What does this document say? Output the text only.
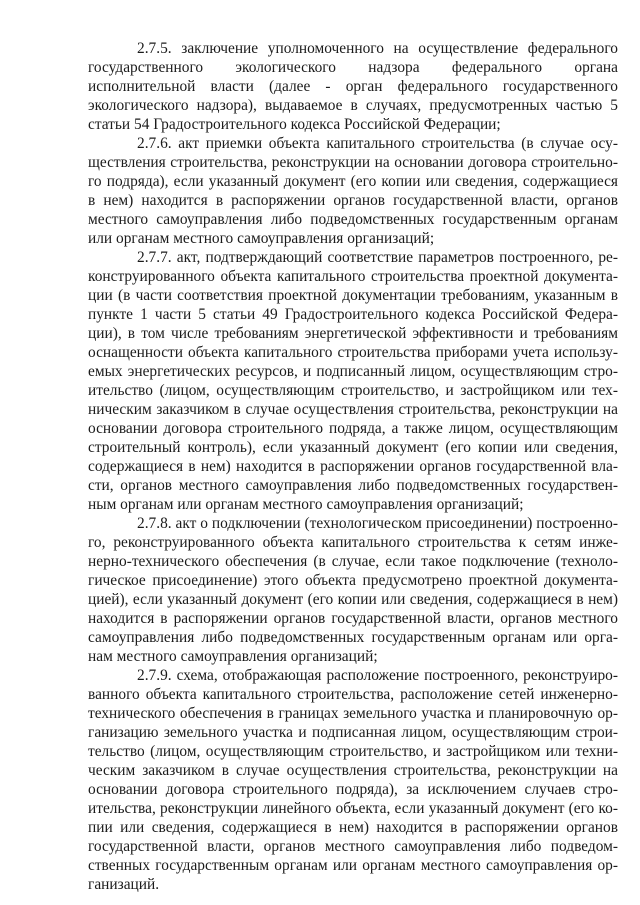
2.7.5. заключение уполномоченного на осуществление федерального
государственного экологического надзора федерального органа
исполнительной власти (далее - орган федерального государственного
экологического надзора), выдаваемое в случаях, предусмотренных частью 5
статьи 54 Градостроительного кодекса Российской Федерации;
2.7.6. акт приемки объекта капитального строительства (в случае осу-
ществления строительства, реконструкции на основании договора строительно-
го подряда), если указанный документ (его копии или сведения, содержащиеся
в нем) находится в распоряжении органов государственной власти, органов
местного самоуправления либо подведомственных государственным органам
или органам местного самоуправления организаций;
2.7.7. акт, подтверждающий соответствие параметров построенного, ре-
конструированного объекта капитального строительства проектной документа-
ции (в части соответствия проектной документации требованиям, указанным в
пункте 1 части 5 статьи 49 Градостроительного кодекса Российской Федера-
ции), в том числе требованиям энергетической эффективности и требованиям
оснащенности объекта капитального строительства приборами учета использу-
емых энергетических ресурсов, и подписанный лицом, осуществляющим стро-
ительство (лицом, осуществляющим строительство, и застройщиком или тех-
ническим заказчиком в случае осуществления строительства, реконструкции на
основании договора строительного подряда, а также лицом, осуществляющим
строительный контроль), если указанный документ (его копии или сведения,
содержащиеся в нем) находится в распоряжении органов государственной вла-
сти, органов местного самоуправления либо подведомственных государствен-
ным органам или органам местного самоуправления организаций;
2.7.8. акт о подключении (технологическом присоединении) построенно-
го, реконструированного объекта капитального строительства к сетям инже-
нерно-технического обеспечения (в случае, если такое подключение (техноло-
гическое присоединение) этого объекта предусмотрено проектной документа-
цией), если указанный документ (его копии или сведения, содержащиеся в нем)
находится в распоряжении органов государственной власти, органов местного
самоуправления либо подведомственных государственным органам или орга-
нам местного самоуправления организаций;
2.7.9. схема, отображающая расположение построенного, реконструиро-
ванного объекта капитального строительства, расположение сетей инженерно-
технического обеспечения в границах земельного участка и планировочную ор-
ганизацию земельного участка и подписанная лицом, осуществляющим строи-
тельство (лицом, осуществляющим строительство, и застройщиком или техни-
ческим заказчиком в случае осуществления строительства, реконструкции на
основании договора строительного подряда), за исключением случаев стро-
ительства, реконструкции линейного объекта, если указанный документ (его ко-
пии или сведения, содержащиеся в нем) находится в распоряжении органов
государственной власти, органов местного самоуправления либо подведом-
ственных государственным органам или органам местного самоуправления ор-
ганизаций.
